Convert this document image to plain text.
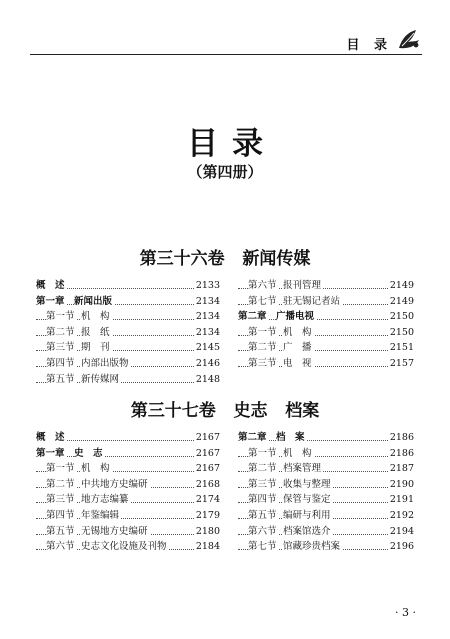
目 录
目录
（第四册）
第三十六卷   新闻传媒
概　述	2133
第一章 新闻出版	2134
第一节 机　构	2134
第二节 报　纸	2134
第三节 期　刊	2145
第四节 内部出版物	2146
第五节 新传媒网	2148
第六节 报刊管理	2149
第七节 驻无锡记者站	2149
第二章 广播电视	2150
第一节 机　构	2150
第二节 广　播	2151
第三节 电　视	2157
第三十七卷   史志   档案
概　述	2167
第一章 史　志	2167
第一节 机　构	2167
第二节 中共地方史编研	2168
第三节 地方志编纂	2174
第四节 年鉴编辑	2179
第五节 无锡地方史编研	2180
第六节 史志文化设施及刊物	2184
第二章 档　案	2186
第一节 机　构	2186
第二节 档案管理	2187
第三节 收集与整理	2190
第四节 保管与鉴定	2191
第五节 编研与利用	2192
第六节 档案馆选介	2194
第七节 馆藏珍贵档案	2196
· 3 ·
